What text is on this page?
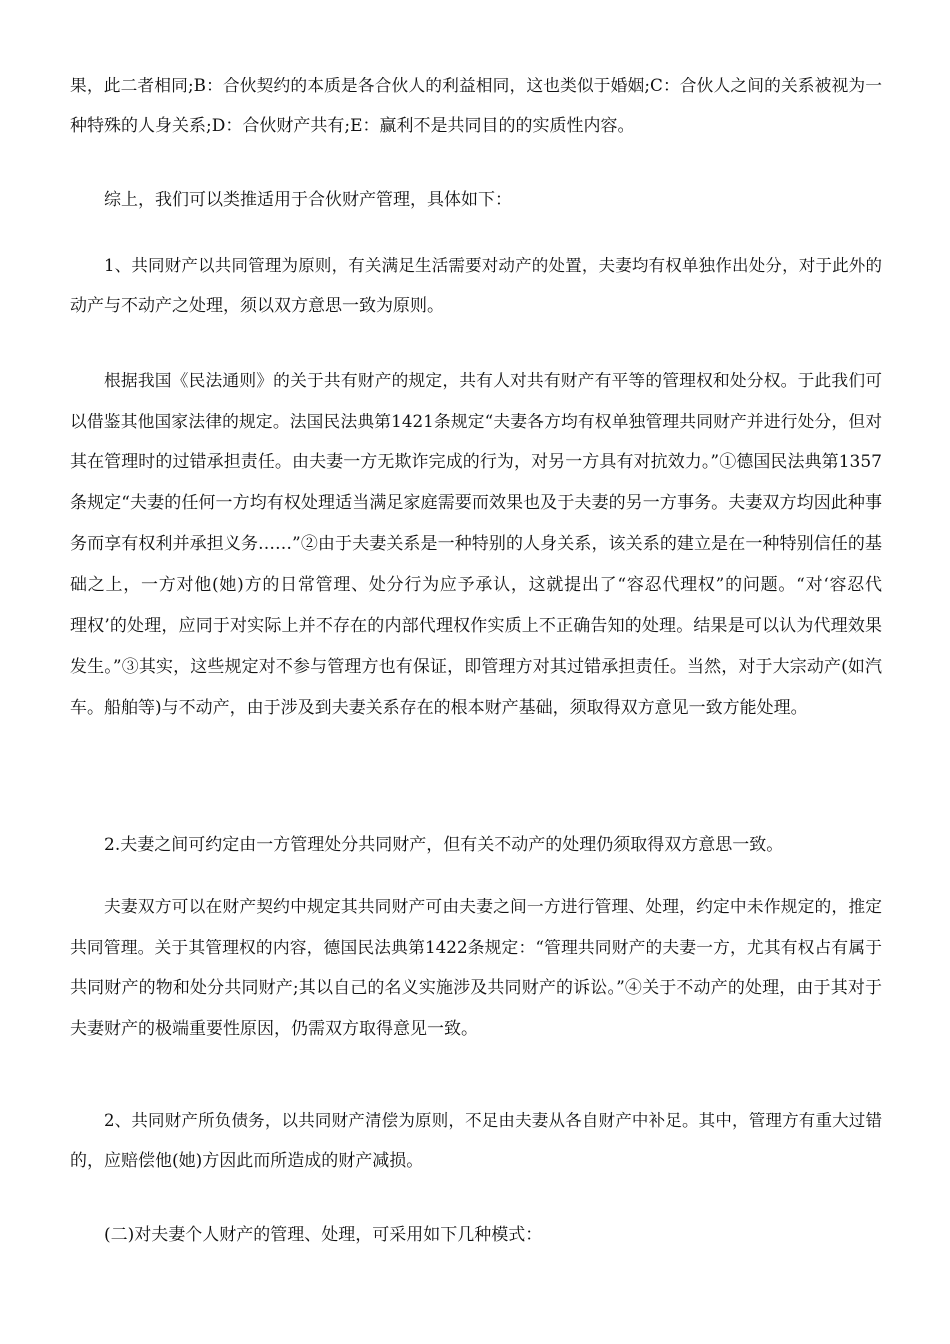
果，此二者相同;B：合伙契约的本质是各合伙人的利益相同，这也类似于婚姻;C：合伙人之间的关系被视为一
种特殊的人身关系;D：合伙财产共有;E：赢利不是共同目的的实质性内容。
综上，我们可以类推适用于合伙财产管理，具体如下：
1、共同财产以共同管理为原则，有关满足生活需要对动产的处置，夫妻均有权单独作出处分，对于此外的
动产与不动产之处理，须以双方意思一致为原则。
根据我国《民法通则》的关于共有财产的规定，共有人对共有财产有平等的管理权和处分权。于此我们可
以借鉴其他国家法律的规定。法国民法典第1421条规定“夫妻各方均有权单独管理共同财产并进行处分，但对
其在管理时的过错承担责任。由夫妻一方无欺诈完成的行为，对另一方具有对抗效力。”①德国民法典第1357
条规定“夫妻的任何一方均有权处理适当满足家庭需要而效果也及于夫妻的另一方事务。夫妻双方均因此种事
务而享有权利并承担义务……”②由于夫妻关系是一种特别的人身关系，该关系的建立是在一种特别信任的基
础之上，一方对他(她)方的日常管理、处分行为应予承认，这就提出了“容忍代理权”的问题。“对‘容忍代
理权’的处理，应同于对实际上并不存在的内部代理权作实质上不正确告知的处理。结果是可以认为代理效果
发生。”③其实，这些规定对不参与管理方也有保证，即管理方对其过错承担责任。当然，对于大宗动产(如汽
车。船舶等)与不动产，由于涉及到夫妻关系存在的根本财产基础，须取得双方意见一致方能处理。
2.夫妻之间可约定由一方管理处分共同财产，但有关不动产的处理仍须取得双方意思一致。
夫妻双方可以在财产契约中规定其共同财产可由夫妻之间一方进行管理、处理，约定中未作规定的，推定
共同管理。关于其管理权的内容，德国民法典第1422条规定：“管理共同财产的夫妻一方，尤其有权占有属于
共同财产的物和处分共同财产;其以自己的名义实施涉及共同财产的诉讼。”④关于不动产的处理，由于其对于
夫妻财产的极端重要性原因，仍需双方取得意见一致。
2、共同财产所负债务，以共同财产清偿为原则，不足由夫妻从各自财产中补足。其中，管理方有重大过错
的，应赔偿他(她)方因此而所造成的财产减损。
(二)对夫妻个人财产的管理、处理，可采用如下几种模式：
